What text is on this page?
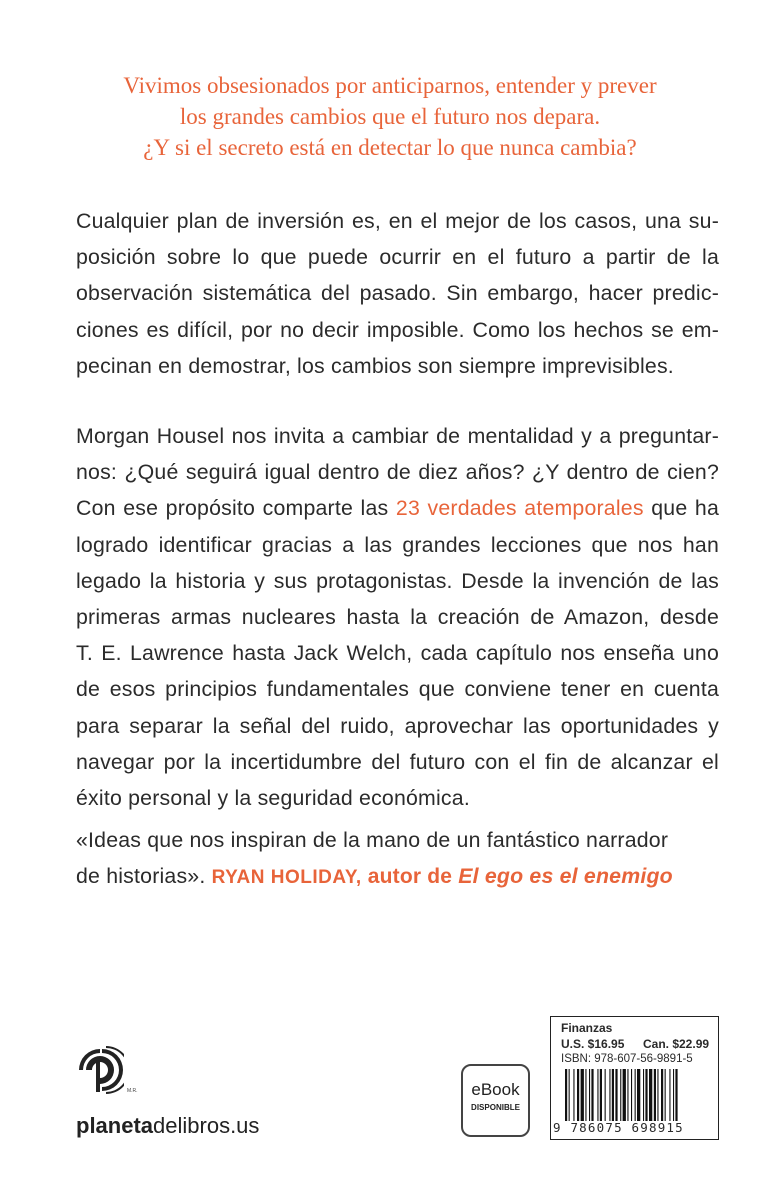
Vivimos obsesionados por anticiparnos, entender y prever
los grandes cambios que el futuro nos depara.
¿Y si el secreto está en detectar lo que nunca cambia?
Cualquier plan de inversión es, en el mejor de los casos, una su-
posición sobre lo que puede ocurrir en el futuro a partir de la
observación sistemática del pasado. Sin embargo, hacer predic-
ciones es difícil, por no decir imposible. Como los hechos se em-
pecinan en demostrar, los cambios son siempre imprevisibles.
Morgan Housel nos invita a cambiar de mentalidad y a preguntar-
nos: ¿Qué seguirá igual dentro de diez años? ¿Y dentro de cien?
Con ese propósito comparte las 23 verdades atemporales que ha
logrado identificar gracias a las grandes lecciones que nos han
legado la historia y sus protagonistas. Desde la invención de las
primeras armas nucleares hasta la creación de Amazon, desde
T. E. Lawrence hasta Jack Welch, cada capítulo nos enseña uno
de esos principios fundamentales que conviene tener en cuenta
para separar la señal del ruido, aprovechar las oportunidades y
navegar por la incertidumbre del futuro con el fin de alcanzar el
éxito personal y la seguridad económica.
«Ideas que nos inspiran de la mano de un fantástico narrador
de historias». RYAN HOLIDAY, autor de El ego es el enemigo
M.R.
planetadelibros.us
eBook
DISPONIBLE
Finanzas
U.S. $16.95 Can. $22.99
ISBN: 978-607-56-9891-5
9 786075 698915
